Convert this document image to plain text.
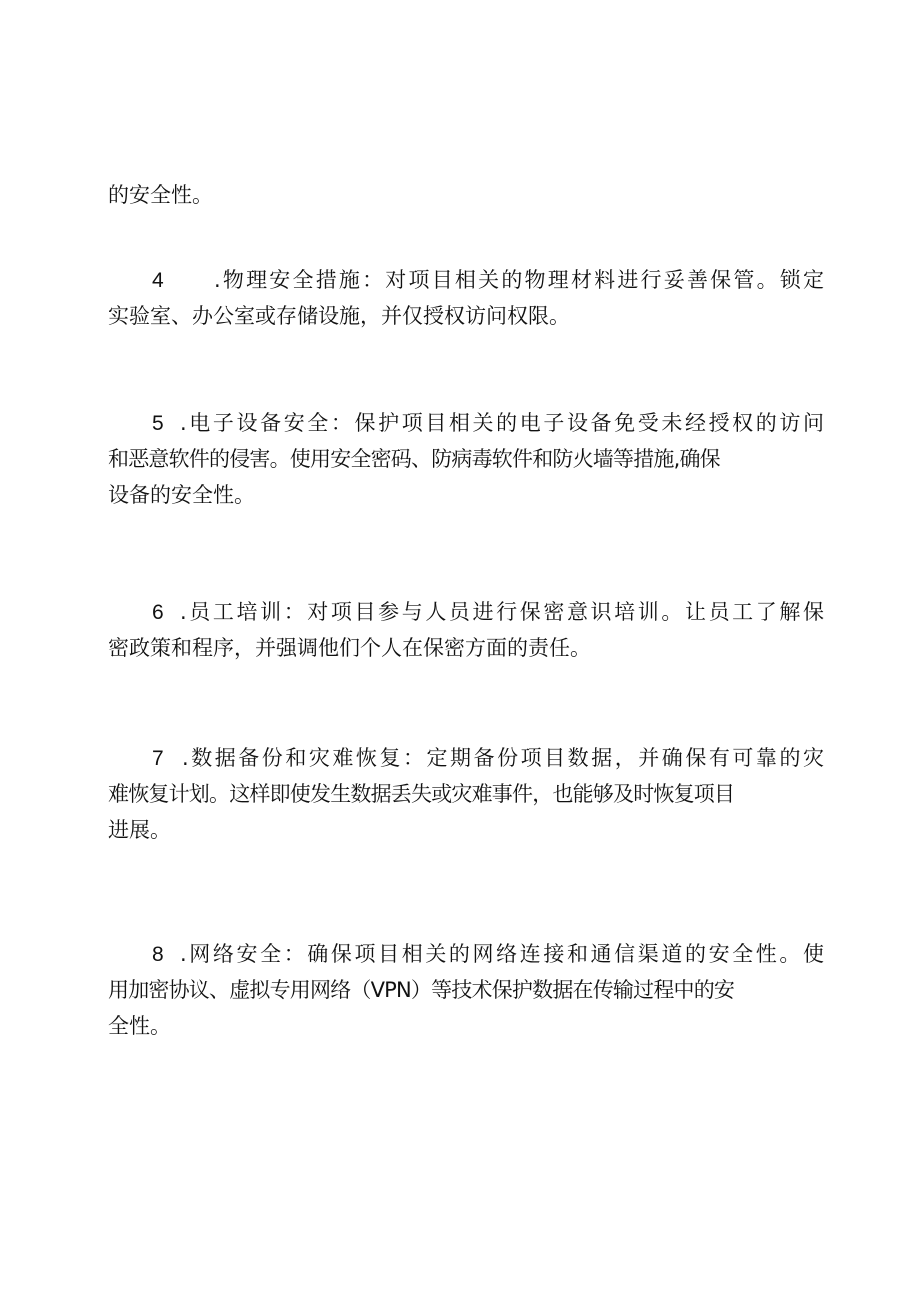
的安全性。
4 .物理安全措施：对项目相关的物理材料进行妥善保管。锁定
实验室、办公室或存储设施，并仅授权访问权限。
5 .电子设备安全：保护项目相关的电子设备免受未经授权的访问
和恶意软件的侵害。使用安全密码、防病毒软件和防火墙等措施,确保
设备的安全性。
6 .员工培训：对项目参与人员进行保密意识培训。让员工了解保
密政策和程序，并强调他们个人在保密方面的责任。
7 .数据备份和灾难恢复：定期备份项目数据，并确保有可靠的灾
难恢复计划。这样即使发生数据丢失或灾难事件，也能够及时恢复项目
进展。
8 .网络安全：确保项目相关的网络连接和通信渠道的安全性。使
用加密协议、虚拟专用网络（VPN）等技术保护数据在传输过程中的安
全性。
